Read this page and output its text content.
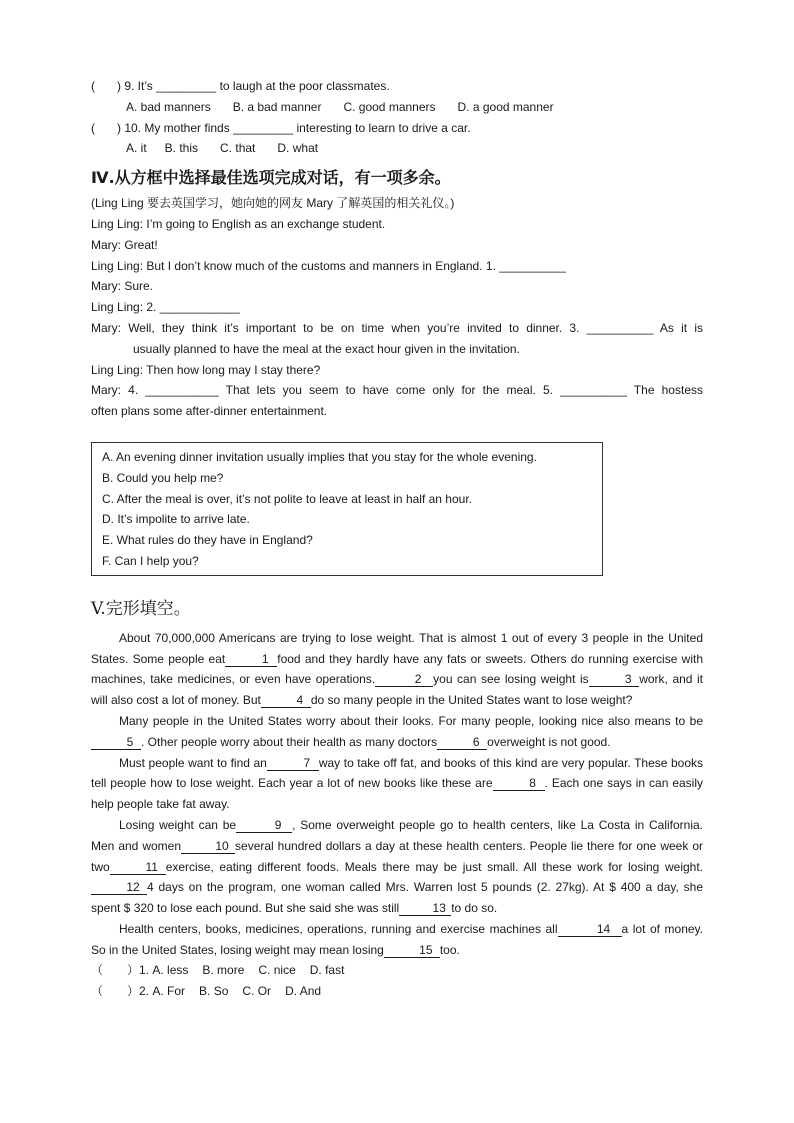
( ) 9. It’s _________ to laugh at the poor classmates.
A. bad manners B. a bad manner C. good manners D. a good manner
( ) 10. My mother finds _________ interesting to learn to drive a car.
A. it B. this C. that D. what
Ⅳ.从方框中选择最佳选项完成对话，有一项多余。
(Ling Ling 要去英国学习，她向她的网友 Mary 了解英国的相关礼仪。)
Ling Ling: I’m going to English as an exchange student.
Mary: Great!
Ling Ling: But I don’t know much of the customs and manners in England. 1. __________
Mary: Sure.
Ling Ling: 2. ____________
Mary: Well, they think it’s important to be on time when you’re invited to dinner. 3. __________ As it is
usually planned to have the meal at the exact hour given in the invitation.
Ling Ling: Then how long may I stay there?
Mary: 4. ___________ That lets you seem to have come only for the meal. 5. __________ The hostess
often plans some after-dinner entertainment.
A. An evening dinner invitation usually implies that you stay for the whole evening.
B. Could you help me?
C. After the meal is over, it’s not polite to leave at least in half an hour.
D. It’s impolite to arrive late.
E. What rules do they have in England?
F. Can I help you?
V.完形填空。
About 70,000,000 Americans are trying to lose weight. That is almost 1 out of every 3 people in the United States. Some people eat	1 food and they hardly have any fats or sweets. Others do running exercise with machines, take medicines, or even have operations.	2 you can see losing weight is	3 work, and it will also cost a lot of money. But	4 do so many people in the United States want to lose weight?
Many people in the United States worry about their looks. For many people, looking nice also means to be5 . Other people worry about their health as many doctors	6 overweight is not good.
Must people want to find an	7 way to take off fat, and books of this kind are very popular. These books tell people how to lose weight. Each year a lot of new books like these are	8 . Each one says in can easily help people take fat away.
Losing weight can be	9 , Some overweight people go to health centers, like La Costa in California. Men and women	10 several hundred dollars a day at these health centers. People lie there for one week or two	11 exercise, eating different foods. Meals there may be just small. All these work for losing weight.12 4 days on the program, one woman called Mrs. Warren lost 5 pounds (2. 27kg). At $ 400 a day, she spent $ 320 to lose each pound. But she said she was still	13 to do so.
Health centers, books, medicines, operations, running and exercise machines all	14 a lot of money. So in the United States, losing weight may mean losing	15 too.
（　　）1. A. less B. more C. nice D. fast
（　　）2. A. For B. So C. Or D. And
